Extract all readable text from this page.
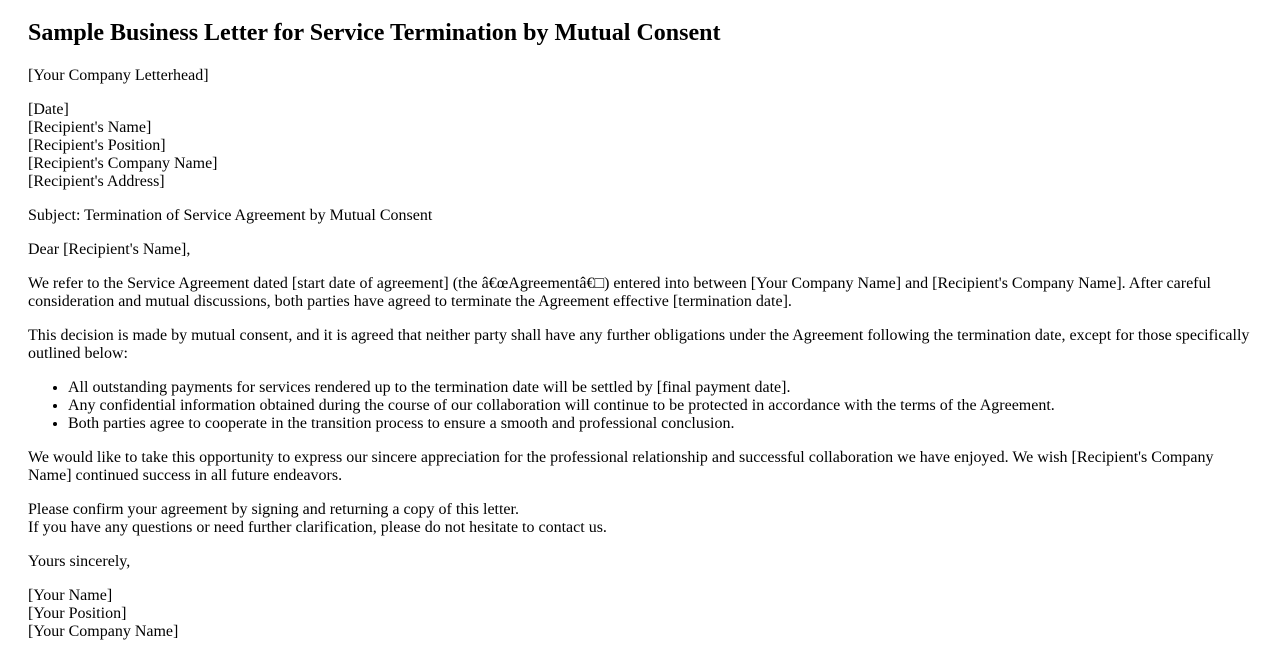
Sample Business Letter for Service Termination by Mutual Consent

[Your Company Letterhead]

[Date]
[Recipient's Name]
[Recipient's Position]
[Recipient's Company Name]
[Recipient's Address]

Subject: Termination of Service Agreement by Mutual Consent

Dear [Recipient's Name],

We refer to the Service Agreement dated [start date of agreement] (the â€œAgreementâ€□) entered into between [Your Company Name] and [Recipient's Company Name]. After careful consideration and mutual discussions, both parties have agreed to terminate the Agreement effective [termination date].

This decision is made by mutual consent, and it is agreed that neither party shall have any further obligations under the Agreement following the termination date, except for those specifically outlined below:

• All outstanding payments for services rendered up to the termination date will be settled by [final payment date].
• Any confidential information obtained during the course of our collaboration will continue to be protected in accordance with the terms of the Agreement.
• Both parties agree to cooperate in the transition process to ensure a smooth and professional conclusion.

We would like to take this opportunity to express our sincere appreciation for the professional relationship and successful collaboration we have enjoyed. We wish [Recipient's Company Name] continued success in all future endeavors.

Please confirm your agreement by signing and returning a copy of this letter.
If you have any questions or need further clarification, please do not hesitate to contact us.

Yours sincerely,

[Your Name]
[Your Position]
[Your Company Name]
